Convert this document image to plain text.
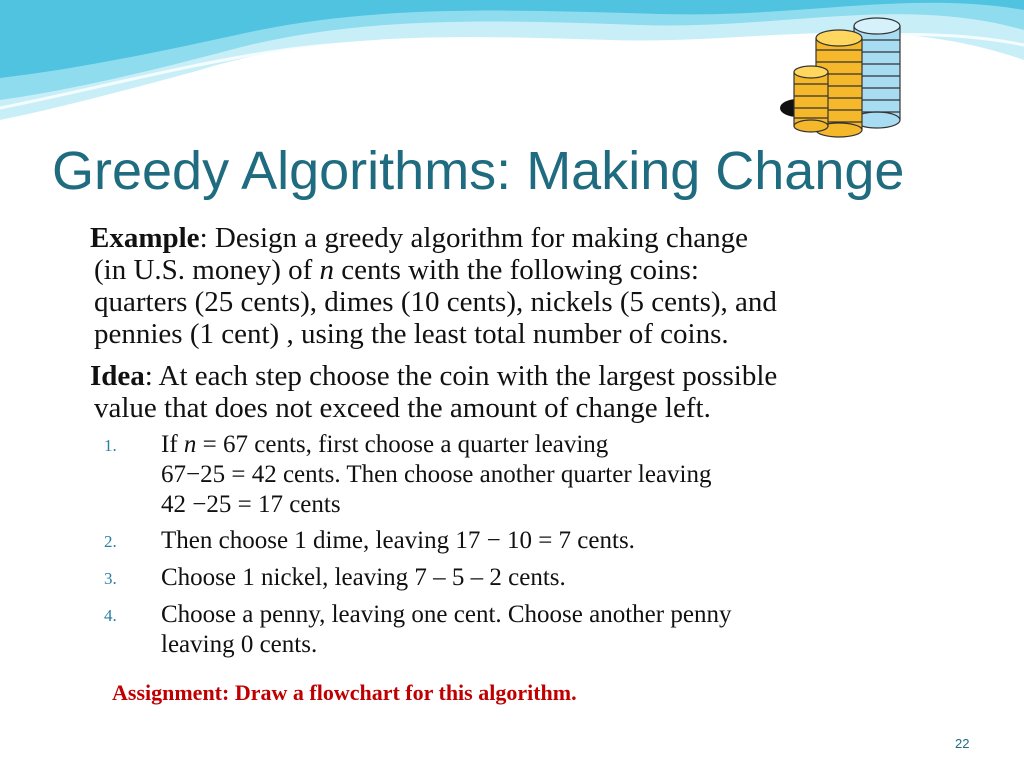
Greedy Algorithms: Making Change
Example: Design a greedy algorithm for making change
(in U.S. money) of n cents with the following coins:
quarters (25 cents), dimes (10 cents), nickels (5 cents), and
pennies (1 cent) , using the least total number of coins.
Idea: At each step choose the coin with the largest possible
value that does not exceed the amount of change left.
1. If n = 67 cents, first choose a quarter leaving
67−25 = 42 cents. Then choose another quarter leaving
42 −25 = 17 cents
2. Then choose 1 dime, leaving 17 − 10 = 7 cents.
3. Choose 1 nickel, leaving 7 – 5 – 2 cents.
4. Choose a penny, leaving one cent. Choose another penny
leaving 0 cents.
Assignment: Draw a flowchart for this algorithm.
22
